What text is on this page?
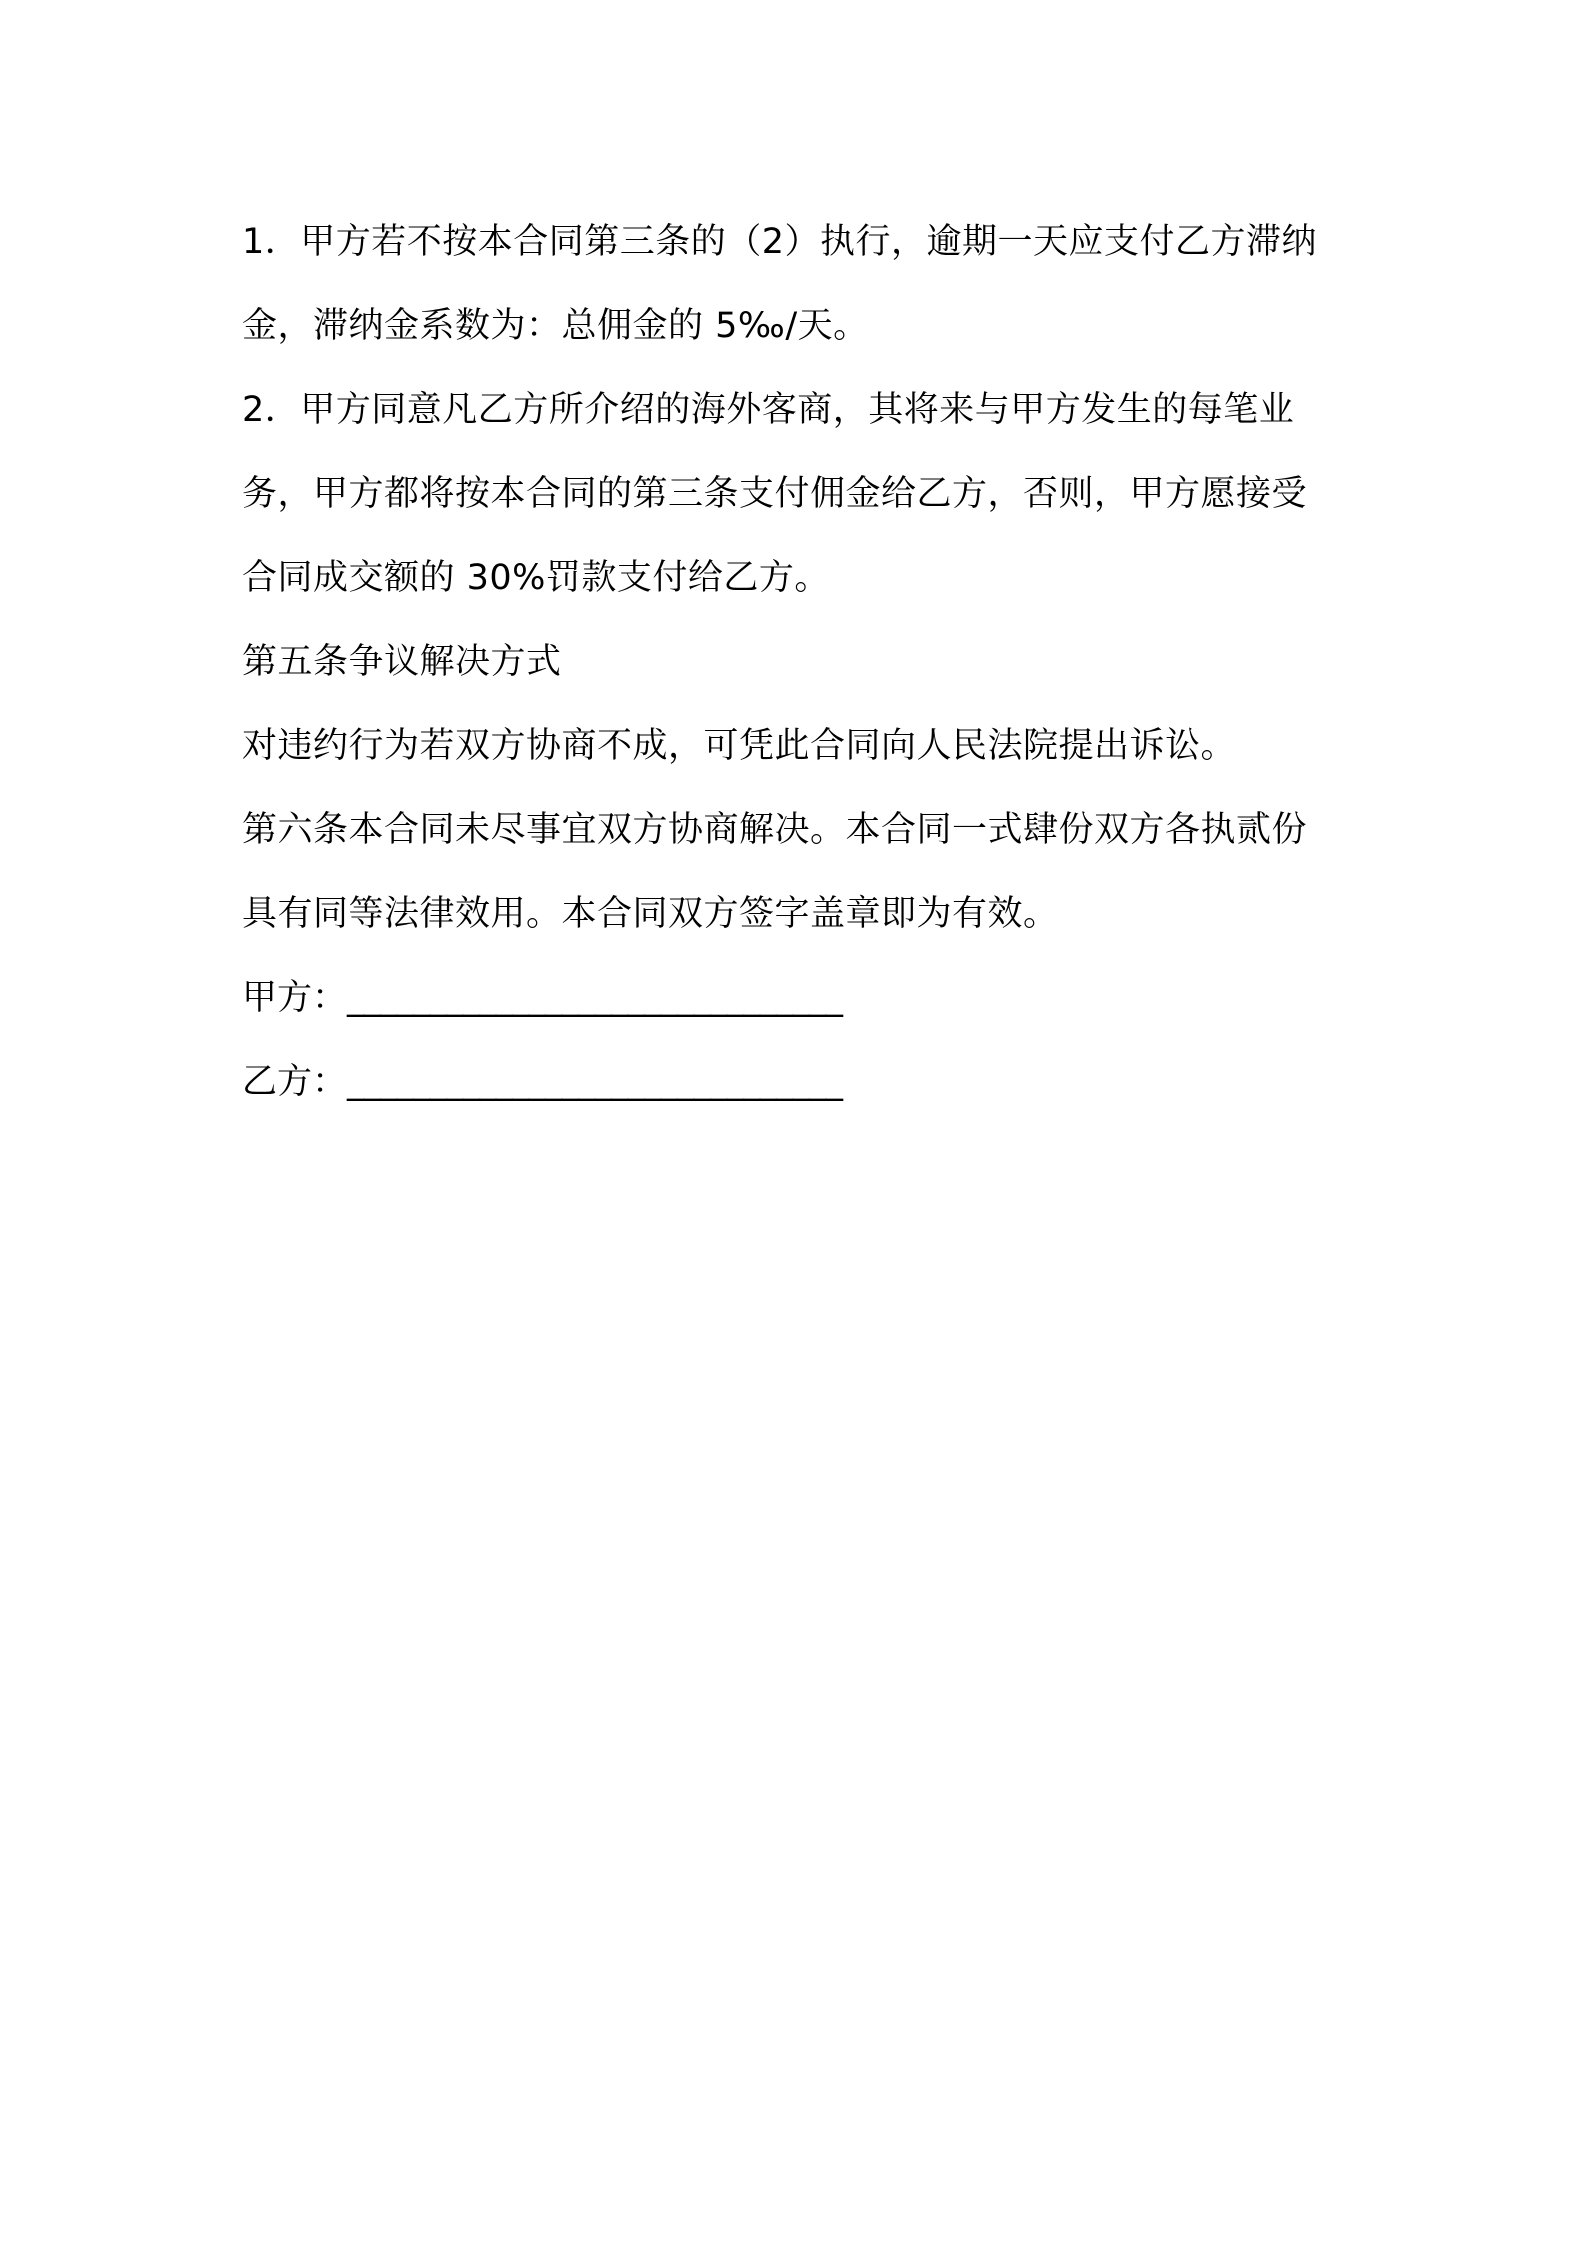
1．甲方若不按本合同第三条的（2）执行，逾期一天应支付乙方滞纳
金，滞纳金系数为：总佣金的 5‰/天。
2．甲方同意凡乙方所介绍的海外客商，其将来与甲方发生的每笔业
务，甲方都将按本合同的第三条支付佣金给乙方，否则，甲方愿接受
合同成交额的 30%罚款支付给乙方。
第五条争议解决方式
对违约行为若双方协商不成，可凭此合同向人民法院提出诉讼。
第六条本合同未尽事宜双方协商解决。本合同一式肆份双方各执贰份
具有同等法律效用。本合同双方签字盖章即为有效。
甲方：______________________________
乙方：______________________________
